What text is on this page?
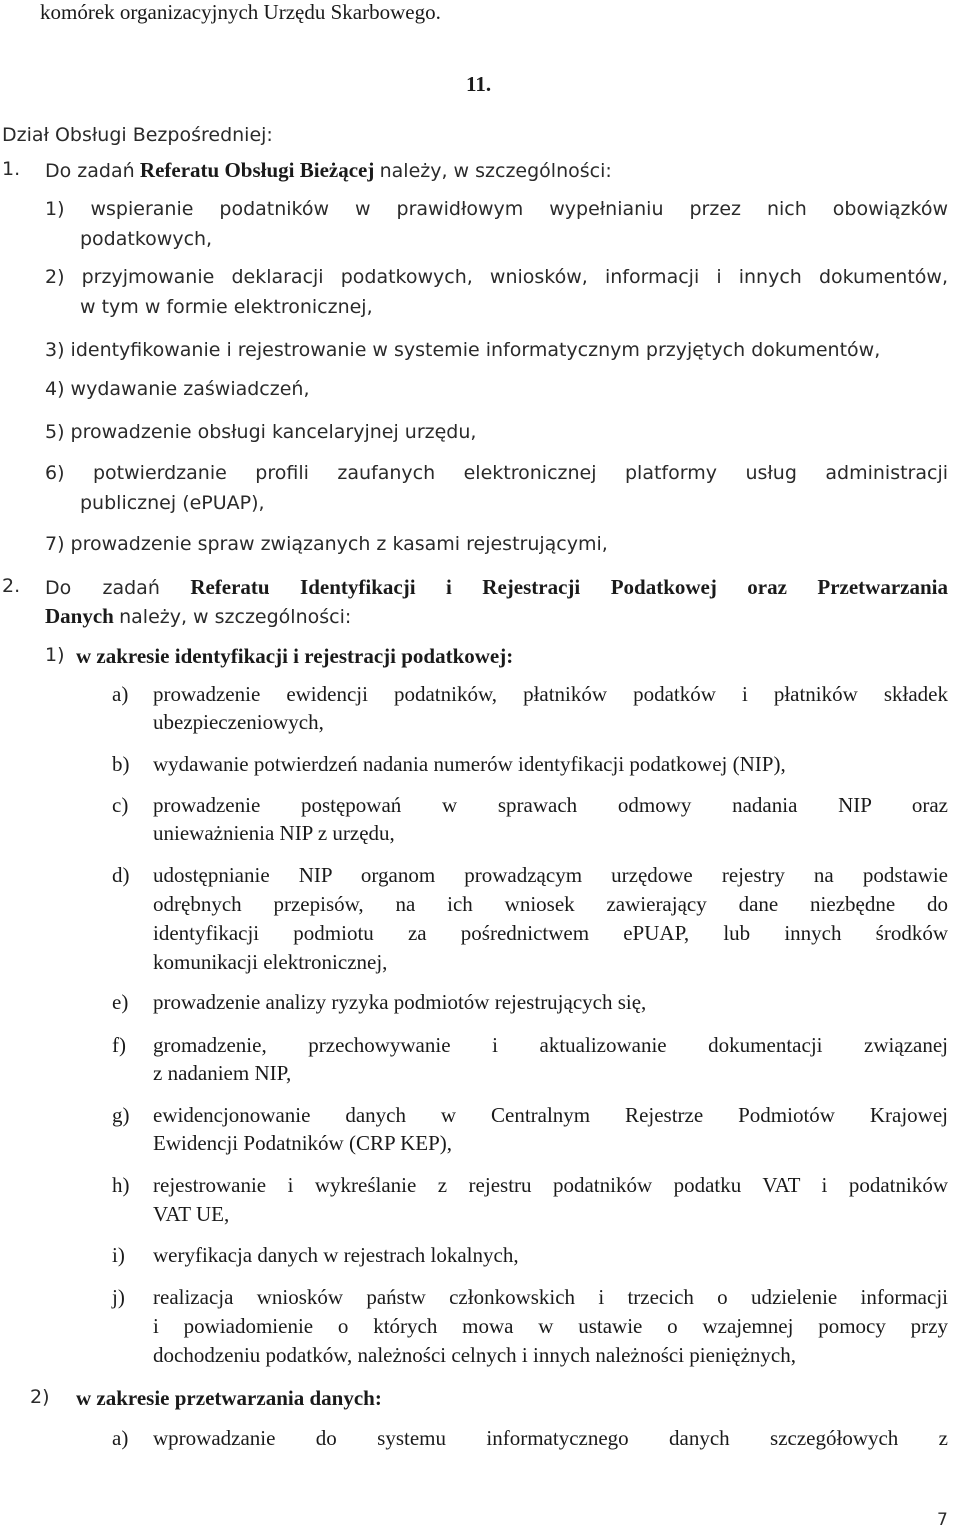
komórek organizacyjnych Urzędu Skarbowego.
11.
Dział Obsługi Bezpośredniej:
1. Do zadań Referatu Obsługi Bieżącej należy, w szczególności:
1) wspieranie podatników w prawidłowym wypełnianiu przez nich obowiązków
podatkowych,
2) przyjmowanie deklaracji podatkowych, wniosków, informacji i innych dokumentów,
w tym w formie elektronicznej,
3) identyfikowanie i rejestrowanie w systemie informatycznym przyjętych dokumentów,
4) wydawanie zaświadczeń,
5) prowadzenie obsługi kancelaryjnej urzędu,
6) potwierdzanie profili zaufanych elektronicznej platformy usług administracji
publicznej (ePUAP),
7) prowadzenie spraw związanych z kasami rejestrującymi,
2. Do zadań Referatu Identyfikacji i Rejestracji Podatkowej oraz Przetwarzania
Danych należy, w szczególności:
1) w zakresie identyfikacji i rejestracji podatkowej:
a) prowadzenie ewidencji podatników, płatników podatków i płatników składek
ubezpieczeniowych,
b) wydawanie potwierdzeń nadania numerów identyfikacji podatkowej (NIP),
c) prowadzenie postępowań w sprawach odmowy nadania NIP oraz
unieważnienia NIP z urzędu,
d) udostępnianie NIP organom prowadzącym urzędowe rejestry na podstawie
odrębnych przepisów, na ich wniosek zawierający dane niezbędne do
identyfikacji podmiotu za pośrednictwem ePUAP, lub innych środków
komunikacji elektronicznej,
e) prowadzenie analizy ryzyka podmiotów rejestrujących się,
f) gromadzenie, przechowywanie i aktualizowanie dokumentacji związanej
z nadaniem NIP,
g) ewidencjonowanie danych w Centralnym Rejestrze Podmiotów Krajowej
Ewidencji Podatników (CRP KEP),
h) rejestrowanie i wykreślanie z rejestru podatników podatku VAT i podatników
VAT UE,
i) weryfikacja danych w rejestrach lokalnych,
j) realizacja wniosków państw członkowskich i trzecich o udzielenie informacji
i powiadomienie o których mowa w ustawie o wzajemnej pomocy przy
dochodzeniu podatków, należności celnych i innych należności pieniężnych,
2) w zakresie przetwarzania danych:
a) wprowadzanie do systemu informatycznego danych szczegółowych z
7
